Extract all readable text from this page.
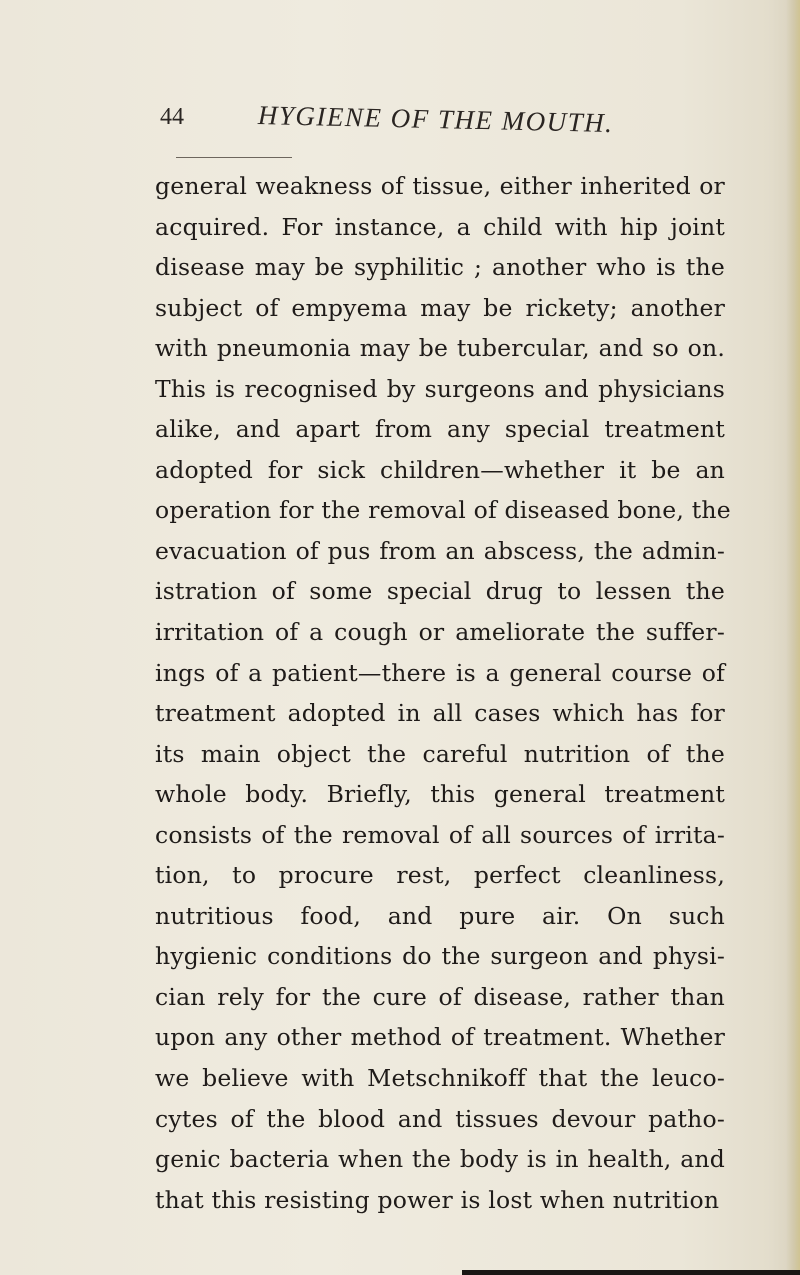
44	HYGIENE OF THE MOUTH.
general weakness of tissue, either inherited or
acquired. For instance, a child with hip joint
disease may be syphilitic ; another who is the
subject of empyema may be rickety; another
with pneumonia may be tubercular, and so on.
This is recognised by surgeons and physicians
alike, and apart from any special treatment
adopted for sick children—whether it be an
operation for the removal of diseased bone, the
evacuation of pus from an abscess, the admin-
istration of some special drug to lessen the
irritation of a cough or ameliorate the suffer-
ings of a patient—there is a general course of
treatment adopted in all cases which has for
its main object the careful nutrition of the
whole body. Briefly, this general treatment
consists of the removal of all sources of irrita-
tion, to procure rest, perfect cleanliness,
nutritious food, and pure air. On such
hygienic conditions do the surgeon and physi-
cian rely for the cure of disease, rather than
upon any other method of treatment. Whether
we believe with Metschnikoff that the leuco-
cytes of the blood and tissues devour patho-
genic bacteria when the body is in health, and
that this resisting power is lost when nutrition
